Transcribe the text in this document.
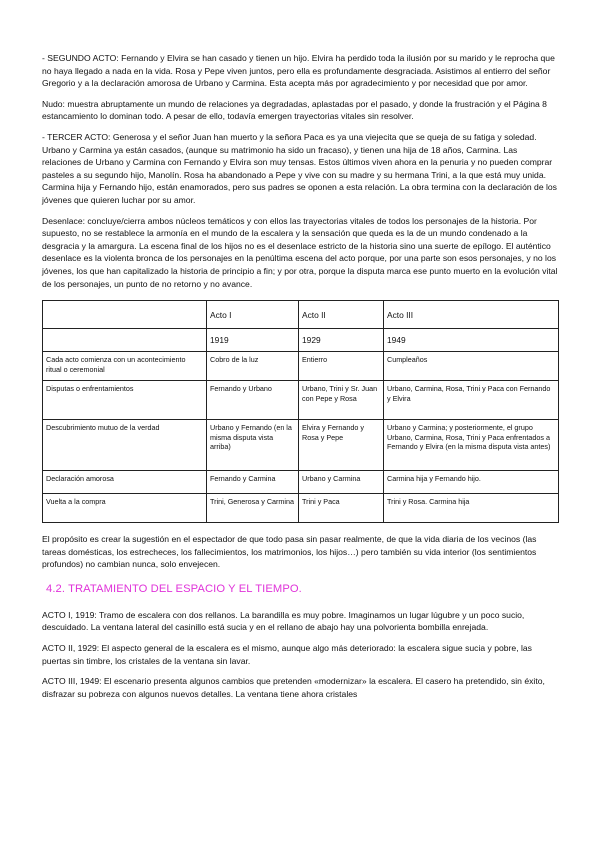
- SEGUNDO ACTO: Fernando y Elvira se han casado y tienen un hijo. Elvira ha perdido toda la ilusión por su marido y le reprocha que no haya llegado a nada en la vida. Rosa y Pepe viven juntos, pero ella es profundamente desgraciada. Asistimos al entierro del señor Gregorio y a la declaración amorosa de Urbano y Carmina. Esta acepta más por agradecimiento y por necesidad que por amor.

Nudo: muestra abruptamente un mundo de relaciones ya degradadas, aplastadas por el pasado, y donde la frustración y el Página 8 estancamiento lo dominan todo. A pesar de ello, todavía emergen trayectorias vitales sin resolver.

- TERCER ACTO: Generosa y el señor Juan han muerto y la señora Paca es ya una viejecita que se queja de su fatiga y soledad. Urbano y Carmina ya están casados, (aunque su matrimonio ha sido un fracaso), y tienen una hija de 18 años, Carmina. Las relaciones de Urbano y Carmina con Fernando y Elvira son muy tensas. Estos últimos viven ahora en la penuria y no pueden comprar pasteles a su segundo hijo, Manolín. Rosa ha abandonado a Pepe y vive con su madre y su hermana Trini, a la que está muy unida. Carmina hija y Fernando hijo, están enamorados, pero sus padres se oponen a esta relación. La obra termina con la declaración de los jóvenes que quieren luchar por su amor.

Desenlace: concluye/cierra ambos núcleos temáticos y con ellos las trayectorias vitales de todos los personajes de la historia. Por supuesto, no se restablece la armonía en el mundo de la escalera y la sensación que queda es la de un mundo condenado a la desgracia y la amargura. La escena final de los hijos no es el desenlace estricto de la historia sino una suerte de epílogo. El auténtico desenlace es la violenta bronca de los personajes en la penúltima escena del acto porque, por una parte son esos personajes, y no los jóvenes, los que han capitalizado la historia de principio a fin; y por otra, porque la disputa marca ese punto muerto en la evolución vital de los personajes, un punto de no retorno y no avance.

	Acto I	Acto II	Acto III
	1919	1929	1949
Cada acto comienza con un acontecimiento ritual o ceremonial	Cobro de la luz	Entierro	Cumpleaños
Disputas o enfrentamientos	Fernando y Urbano	Urbano, Trini y Sr. Juan con Pepe y Rosa	Urbano, Carmina, Rosa, Trini y Paca con Fernando y Elvira
Descubrimiento mutuo de la verdad	Urbano y Fernando (en la misma disputa vista arriba)	Elvira y Fernando y Rosa y Pepe	Urbano y Carmina; y posteriormente, el grupo Urbano, Carmina, Rosa, Trini y Paca enfrentados a Fernando y Elvira (en la misma disputa vista antes)
Declaración amorosa	Fernando y Carmina	Urbano y Carmina	Carmina hija y Fernando hijo.
Vuelta a la compra	Trini, Generosa y Carmina	Trini y Paca	Trini y Rosa. Carmina hija

El propósito es crear la sugestión en el espectador de que todo pasa sin pasar realmente, de que la vida diaria de los vecinos (las tareas domésticas, los estrecheces, los fallecimientos, los matrimonios, los hijos…) pero también su vida interior (los sentimientos profundos) no cambian nunca, solo envejecen.

4.2. TRATAMIENTO DEL ESPACIO Y EL TIEMPO.

ACTO I, 1919: Tramo de escalera con dos rellanos. La barandilla es muy pobre. Imaginamos un lugar lúgubre y un poco sucio, descuidado. La ventana lateral del casinillo está sucia y en el rellano de abajo hay una polvorienta bombilla enrejada.

ACTO II, 1929: El aspecto general de la escalera es el mismo, aunque algo más deteriorado: la escalera sigue sucia y pobre, las puertas sin timbre, los cristales de la ventana sin lavar.

ACTO III, 1949: El escenario presenta algunos cambios que pretenden «modernizar» la escalera. El casero ha pretendido, sin éxito, disfrazar su pobreza con algunos nuevos detalles. La ventana tiene ahora cristales
